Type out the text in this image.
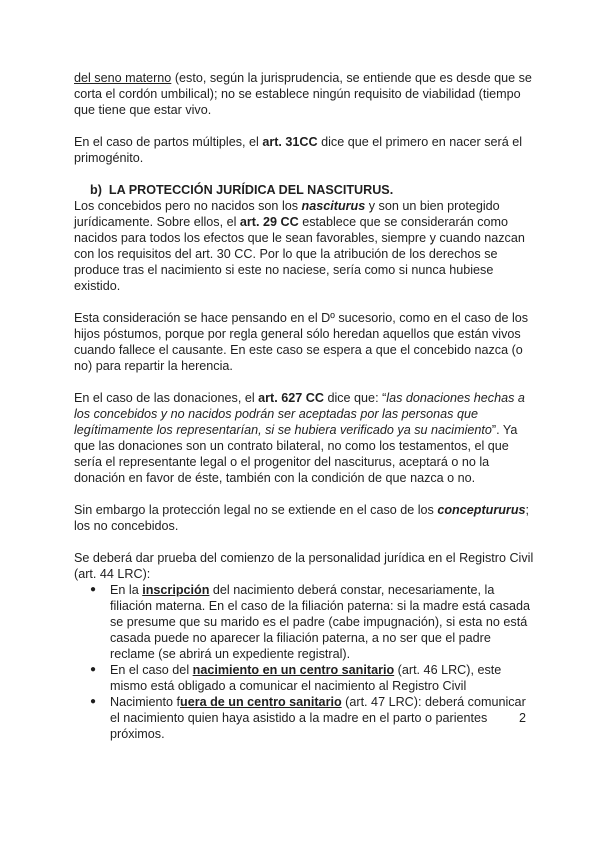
del seno materno (esto, según la jurisprudencia, se entiende que es desde que se corta el cordón umbilical); no se establece ningún requisito de viabilidad (tiempo que tiene que estar vivo.

En el caso de partos múltiples, el art. 31CC dice que el primero en nacer será el primogénito.

b)  LA PROTECCIÓN JURÍDICA DEL NASCITURUS.

Los concebidos pero no nacidos son los nasciturus y son un bien protegido jurídicamente. Sobre ellos, el art. 29 CC establece que se considerarán como nacidos para todos los efectos que le sean favorables, siempre y cuando nazcan con los requisitos del art. 30 CC. Por lo que la atribución de los derechos se produce tras el nacimiento si este no naciese, sería como si nunca hubiese existido.

Esta consideración se hace pensando en el Dº sucesorio, como en el caso de los hijos póstumos, porque por regla general sólo heredan aquellos que están vivos cuando fallece el causante. En este caso se espera a que el concebido nazca (o no) para repartir la herencia.

En el caso de las donaciones, el art. 627 CC dice que: “las donaciones hechas a los concebidos y no nacidos podrán ser aceptadas por las personas que legítimamente los representarían, si se hubiera verificado ya su nacimiento”. Ya que las donaciones son un contrato bilateral, no como los testamentos, el que sería el representante legal o el progenitor del nasciturus, aceptará o no la donación en favor de éste, también con la condición de que nazca o no.

Sin embargo la protección legal no se extiende en el caso de los conceptururus; los no concebidos.

Se deberá dar prueba del comienzo de la personalidad jurídica en el Registro Civil (art. 44 LRC):

● En la inscripción del nacimiento deberá constar, necesariamente, la filiación materna. En el caso de la filiación paterna: si la madre está casada se presume que su marido es el padre (cabe impugnación), si esta no está casada puede no aparecer la filiación paterna, a no ser que el padre reclame (se abrirá un expediente registral).
● En el caso del nacimiento en un centro sanitario (art. 46 LRC), este mismo está obligado a comunicar el nacimiento al Registro Civil
● Nacimiento fuera de un centro sanitario (art. 47 LRC): deberá comunicar el nacimiento quien haya asistido a la madre en el parto o parientes próximos.
2
